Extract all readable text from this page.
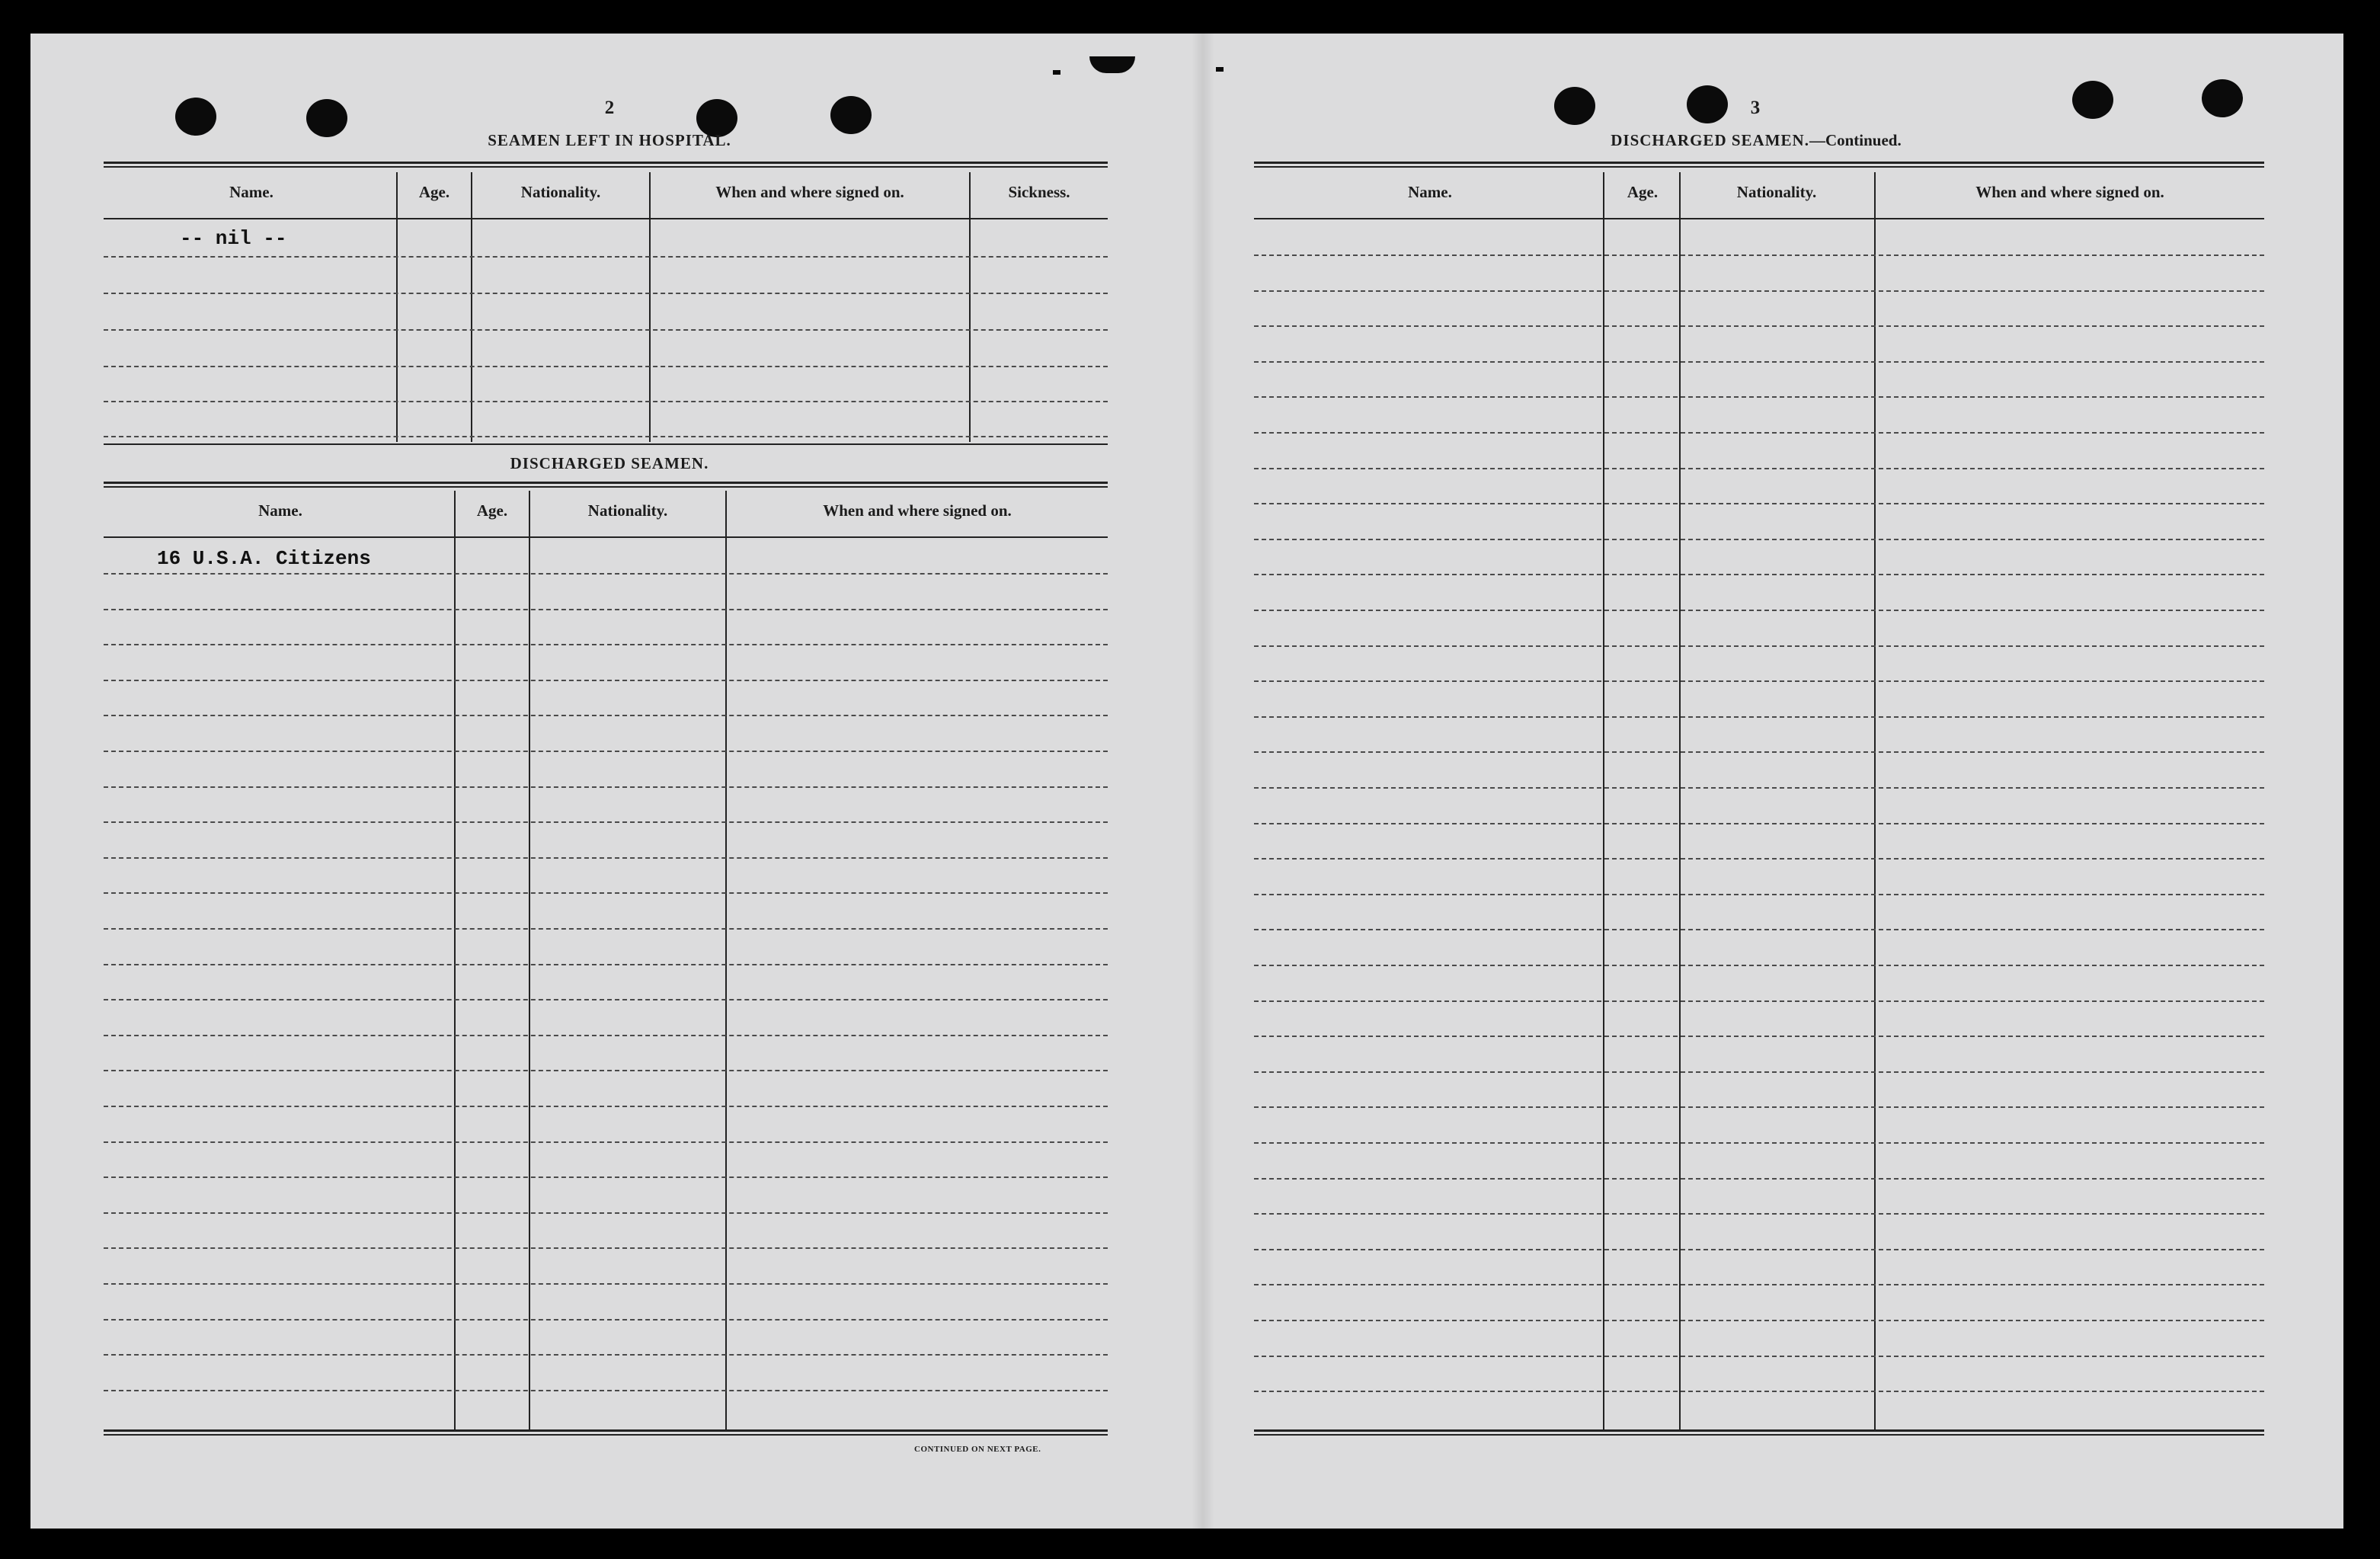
2
SEAMEN LEFT IN HOSPITAL.
Name.	Age.	Nationality.	When and where signed on.	Sickness.
-- nil --
DISCHARGED SEAMEN.
Name.	Age.	Nationality.	When and where signed on.
16 U.S.A. Citizens
CONTINUED ON NEXT PAGE.
3
DISCHARGED SEAMEN.—Continued.
Name.	Age.	Nationality.	When and where signed on.
